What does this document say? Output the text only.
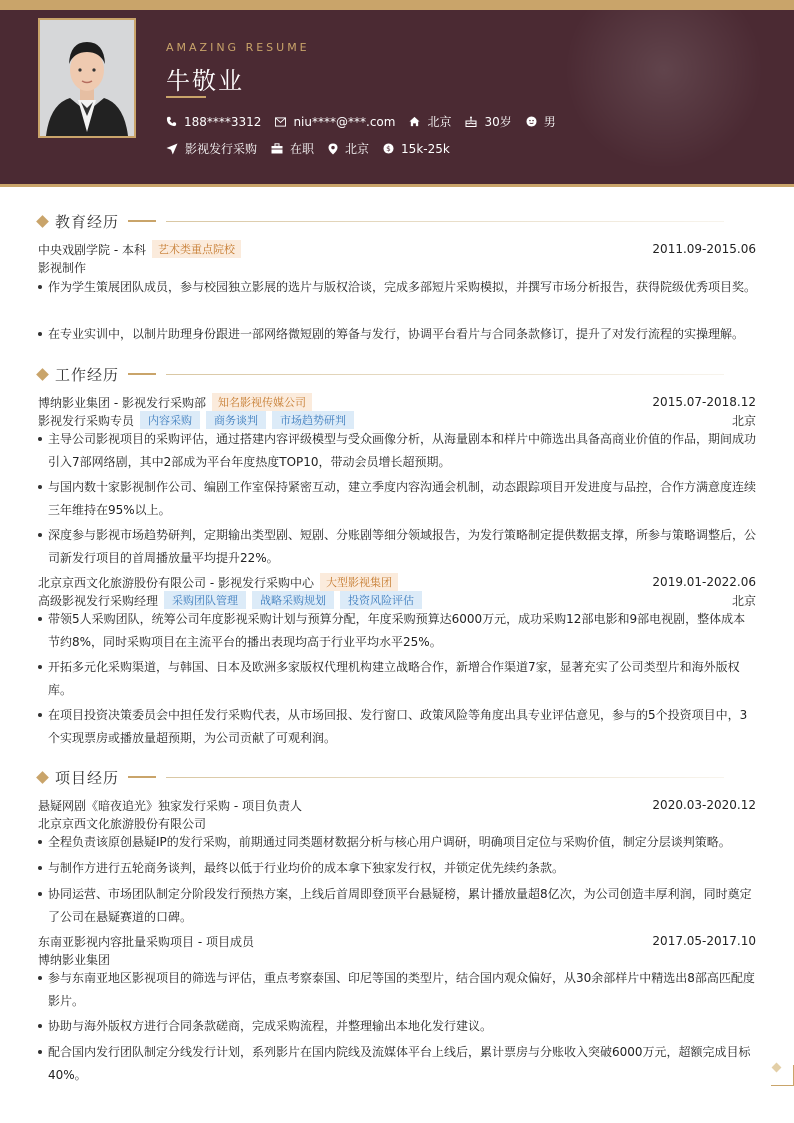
AMAZING RESUME
牛敬业
188****3312	niu****@***.com	北京	30岁	男
影视发行采购	在职	北京 $ 15k-25k
教育经历
中央戏剧学院 - 本科	艺术类重点院校	2011.09-2015.06
影视制作
作为学生策展团队成员，参与校园独立影展的选片与版权洽谈，完成多部短片采购模拟，并撰写市场分析报告，获得院级优秀项目奖。
在专业实训中，以制片助理身份跟进一部网络微短剧的筹备与发行，协调平台看片与合同条款修订，提升了对发行流程的实操理解。
工作经历
博纳影业集团 - 影视发行采购部	知名影视传媒公司	2015.07-2018.12
影视发行采购专员	内容采购	商务谈判	市场趋势研判	北京
主导公司影视项目的采购评估，通过搭建内容评级模型与受众画像分析，从海量剧本和样片中筛选出具备高商业价值的作品，期间成功引入7部网络剧，其中2部成为平台年度热度TOP10，带动会员增长超预期。
与国内数十家影视制作公司、编剧工作室保持紧密互动，建立季度内容沟通会机制，动态跟踪项目开发进度与品控，合作方满意度连续三年维持在95%以上。
深度参与影视市场趋势研判，定期输出类型剧、短剧、分账剧等细分领域报告，为发行策略制定提供数据支撑，所参与策略调整后，公司新发行项目的首周播放量平均提升22%。
北京京西文化旅游股份有限公司 - 影视发行采购中心	大型影视集团	2019.01-2022.06
高级影视发行采购经理	采购团队管理	战略采购规划	投资风险评估	北京
带领5人采购团队，统筹公司年度影视采购计划与预算分配，年度采购预算达6000万元，成功采购12部电影和9部电视剧，整体成本节约8%，同时采购项目在主流平台的播出表现均高于行业平均水平25%。
开拓多元化采购渠道，与韩国、日本及欧洲多家版权代理机构建立战略合作，新增合作渠道7家，显著充实了公司类型片和海外版权库。
在项目投资决策委员会中担任发行采购代表，从市场回报、发行窗口、政策风险等角度出具专业评估意见，参与的5个投资项目中，3个实现票房或播放量超预期，为公司贡献了可观利润。
项目经历
悬疑网剧《暗夜追光》独家发行采购 - 项目负责人	2020.03-2020.12
北京京西文化旅游股份有限公司
全程负责该原创悬疑IP的发行采购，前期通过同类题材数据分析与核心用户调研，明确项目定位与采购价值，制定分层谈判策略。
与制作方进行五轮商务谈判，最终以低于行业均价的成本拿下独家发行权，并锁定优先续约条款。
协同运营、市场团队制定分阶段发行预热方案，上线后首周即登顶平台悬疑榜，累计播放量超8亿次，为公司创造丰厚利润，同时奠定了公司在悬疑赛道的口碑。
东南亚影视内容批量采购项目 - 项目成员	2017.05-2017.10
博纳影业集团
参与东南亚地区影视项目的筛选与评估，重点考察泰国、印尼等国的类型片，结合国内观众偏好，从30余部样片中精选出8部高匹配度影片。
协助与海外版权方进行合同条款磋商，完成采购流程，并整理输出本地化发行建议。
配合国内发行团队制定分线发行计划，系列影片在国内院线及流媒体平台上线后，累计票房与分账收入突破6000万元，超额完成目标40%。
